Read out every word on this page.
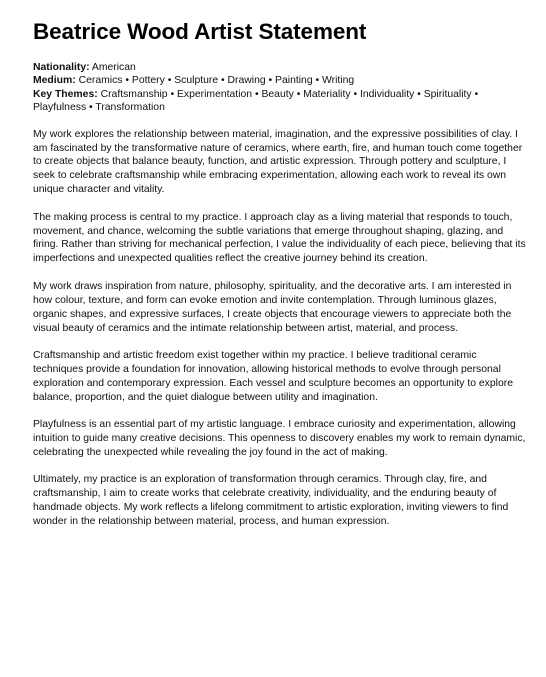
Beatrice Wood Artist Statement
Nationality: American
Medium: Ceramics • Pottery • Sculpture • Drawing • Painting • Writing
Key Themes: Craftsmanship • Experimentation • Beauty • Materiality • Individuality • Spirituality • Playfulness • Transformation

My work explores the relationship between material, imagination, and the expressive possibilities of clay. I am fascinated by the transformative nature of ceramics, where earth, fire, and human touch come together to create objects that balance beauty, function, and artistic expression. Through pottery and sculpture, I seek to celebrate craftsmanship while embracing experimentation, allowing each work to reveal its own unique character and vitality.

The making process is central to my practice. I approach clay as a living material that responds to touch, movement, and chance, welcoming the subtle variations that emerge throughout shaping, glazing, and firing. Rather than striving for mechanical perfection, I value the individuality of each piece, believing that its imperfections and unexpected qualities reflect the creative journey behind its creation.

My work draws inspiration from nature, philosophy, spirituality, and the decorative arts. I am interested in how colour, texture, and form can evoke emotion and invite contemplation. Through luminous glazes, organic shapes, and expressive surfaces, I create objects that encourage viewers to appreciate both the visual beauty of ceramics and the intimate relationship between artist, material, and process.

Craftsmanship and artistic freedom exist together within my practice. I believe traditional ceramic techniques provide a foundation for innovation, allowing historical methods to evolve through personal exploration and contemporary expression. Each vessel and sculpture becomes an opportunity to explore balance, proportion, and the quiet dialogue between utility and imagination.

Playfulness is an essential part of my artistic language. I embrace curiosity and experimentation, allowing intuition to guide many creative decisions. This openness to discovery enables my work to remain dynamic, celebrating the unexpected while revealing the joy found in the act of making.

Ultimately, my practice is an exploration of transformation through ceramics. Through clay, fire, and craftsmanship, I aim to create works that celebrate creativity, individuality, and the enduring beauty of handmade objects. My work reflects a lifelong commitment to artistic exploration, inviting viewers to find wonder in the relationship between material, process, and human expression.
